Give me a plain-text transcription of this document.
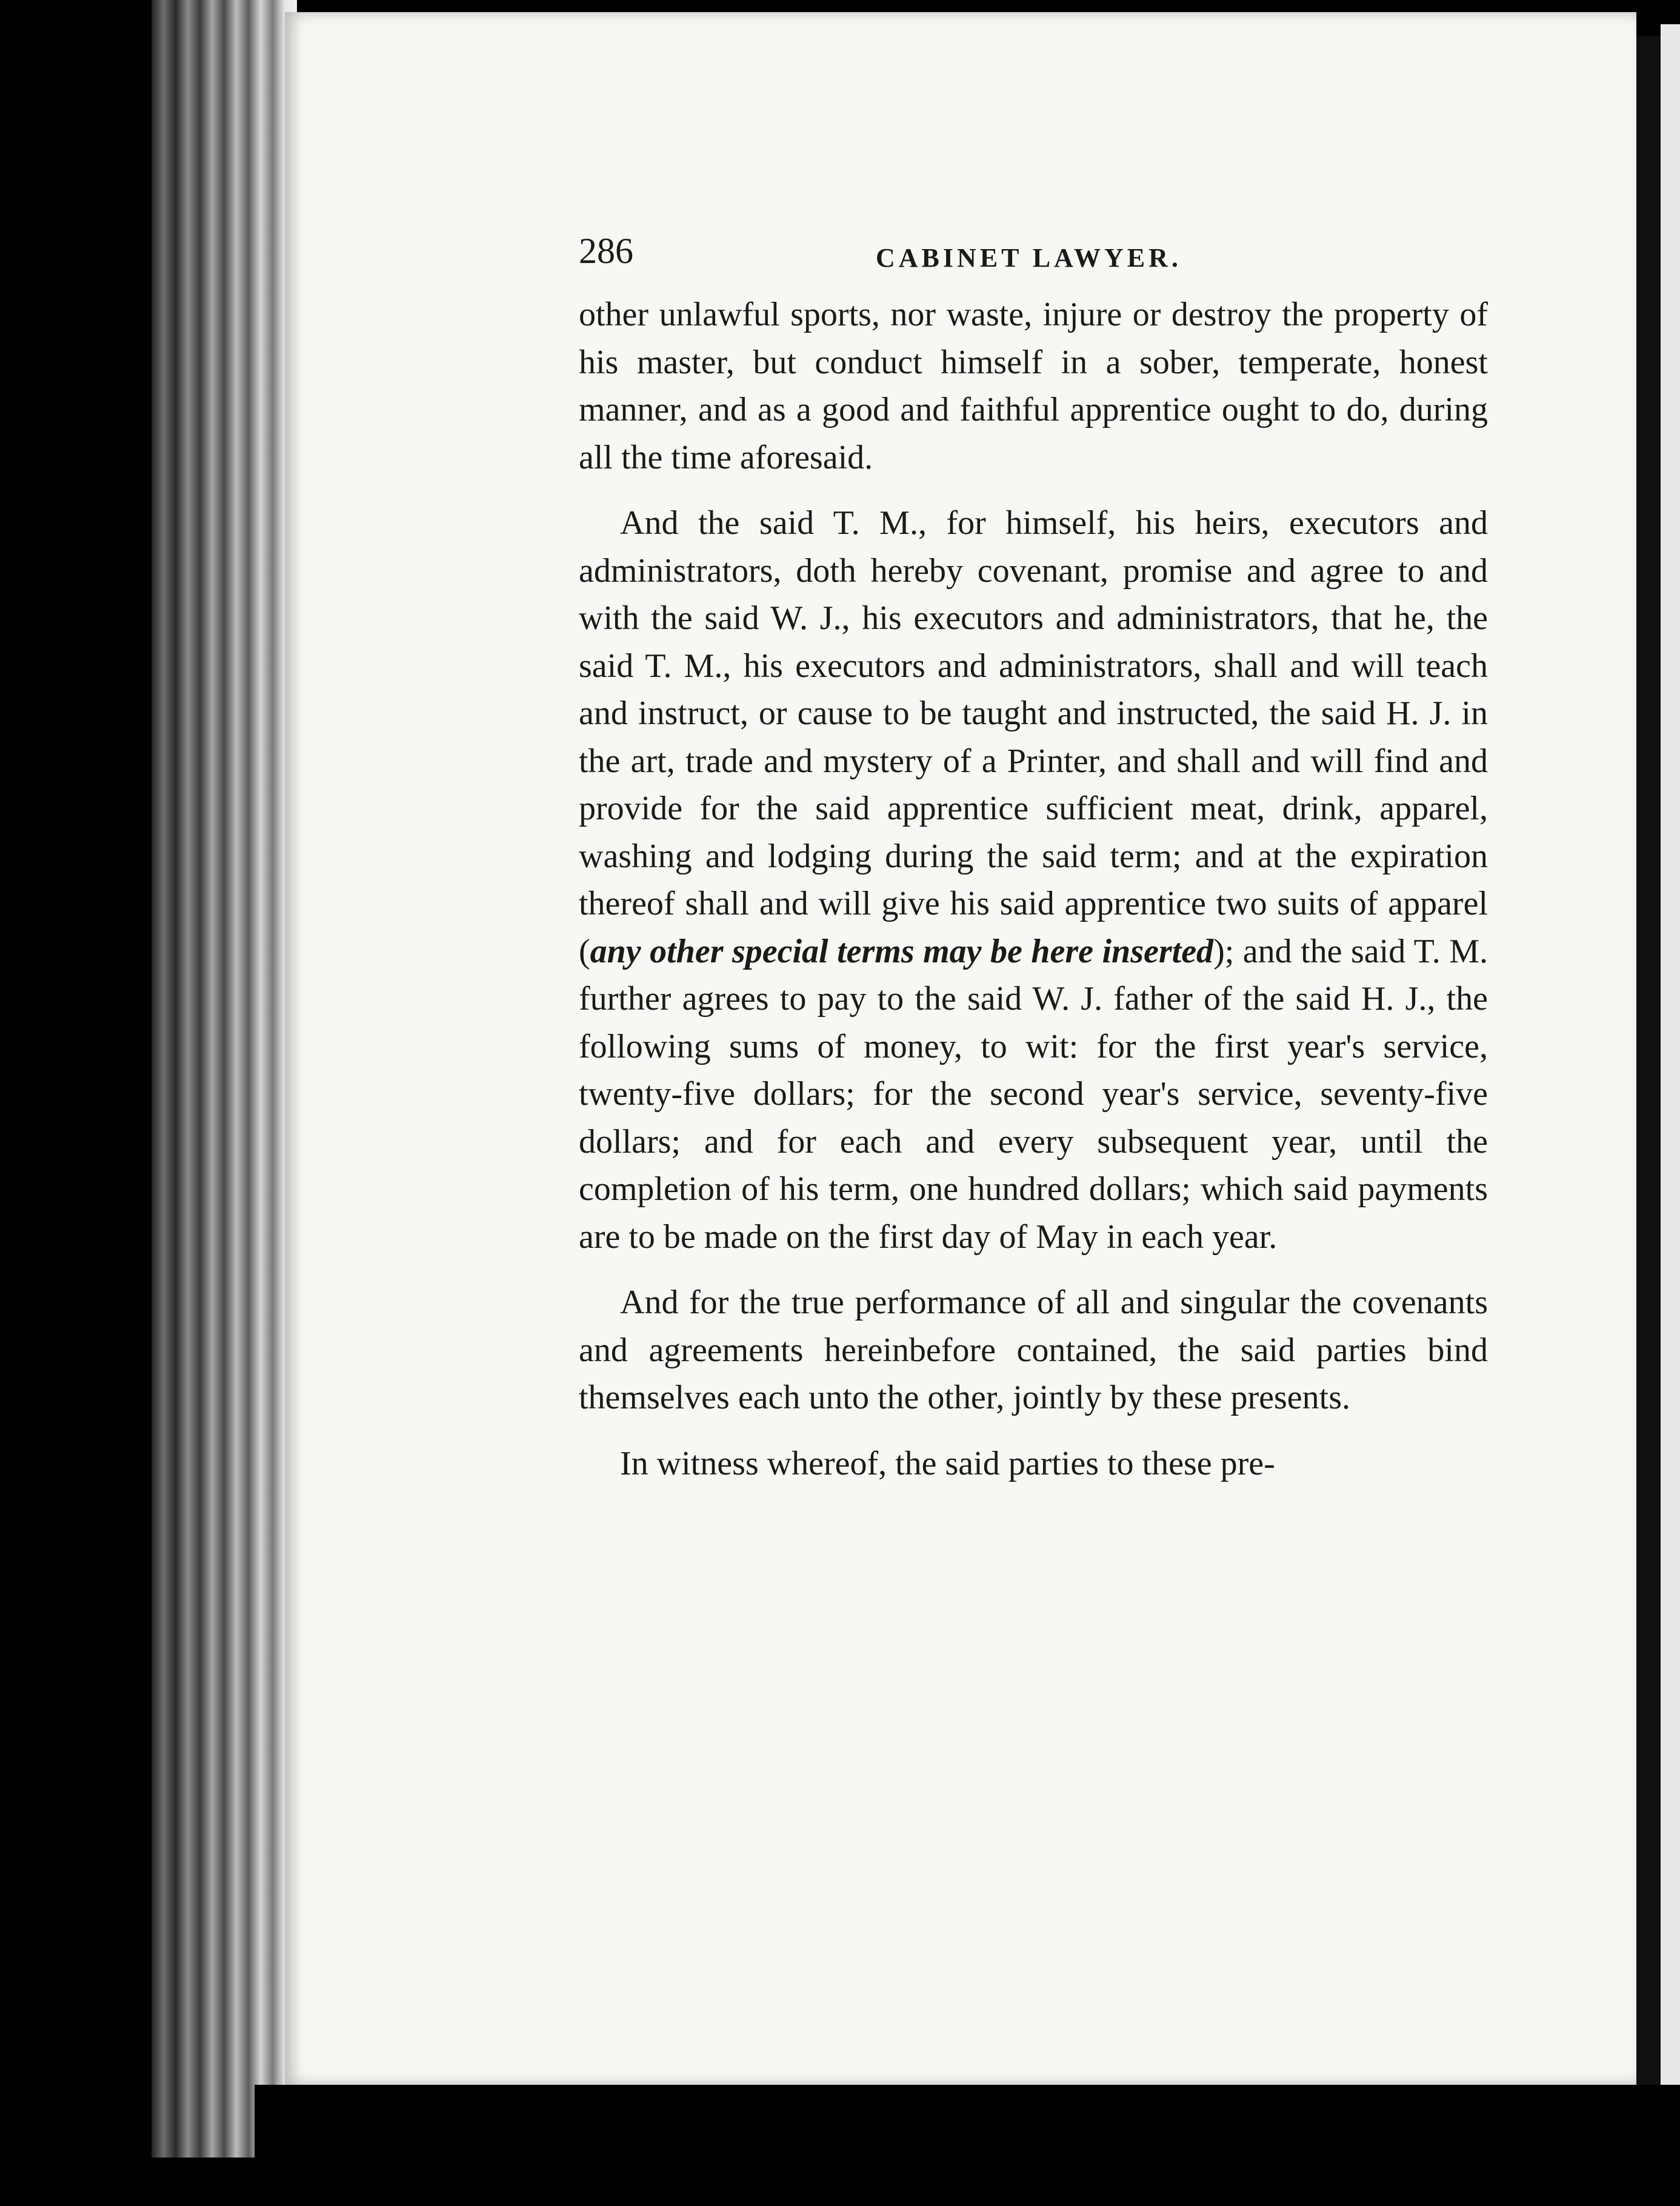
286	CABINET LAWYER.

other unlawful sports, nor waste, injure or destroy the property of his master, but conduct himself in a sober, temperate, honest manner, and as a good and faithful apprentice ought to do, during all the time aforesaid.

And the said T. M., for himself, his heirs, executors and administrators, doth hereby covenant, promise and agree to and with the said W. J., his executors and administrators, that he, the said T. M., his executors and administrators, shall and will teach and instruct, or cause to be taught and instructed, the said H. J. in the art, trade and mystery of a Printer, and shall and will find and provide for the said apprentice sufficient meat, drink, apparel, washing and lodging during the said term; and at the expiration thereof shall and will give his said apprentice two suits of apparel (any other special terms may be here inserted); and the said T. M. further agrees to pay to the said W. J. father of the said H. J., the following sums of money, to wit: for the first year's service, twenty-five dollars; for the second year's service, seventy-five dollars; and for each and every subsequent year, until the completion of his term, one hundred dollars; which said payments are to be made on the first day of May in each year.

And for the true performance of all and singular the covenants and agreements hereinbefore contained, the said parties bind themselves each unto the other, jointly by these presents.

In witness whereof, the said parties to these pre-
